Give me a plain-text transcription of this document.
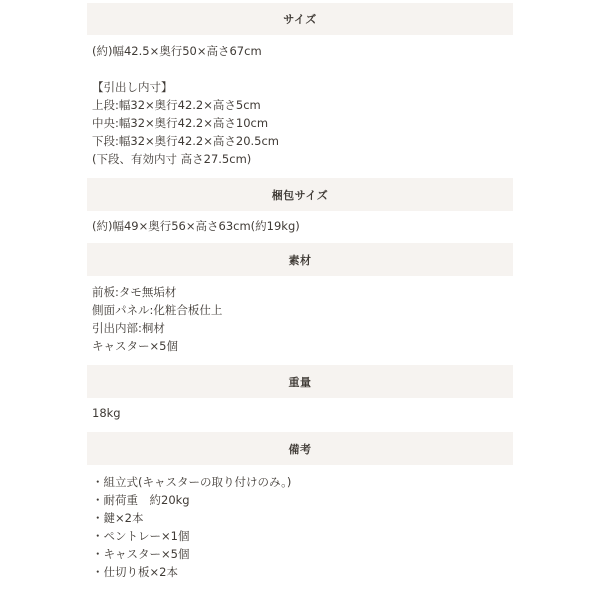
サイズ
(約)幅42.5×奥行50×高さ67cm
【引出し内寸】
上段:幅32×奥行42.2×高さ5cm
中央:幅32×奥行42.2×高さ10cm
下段:幅32×奥行42.2×高さ20.5cm
(下段、有効内寸 高さ27.5cm)
梱包サイズ
(約)幅49×奥行56×高さ63cm(約19kg)
素材
前板:タモ無垢材
側面パネル:化粧合板仕上
引出内部:桐材
キャスター×5個
重量
18kg
備考
・組立式(キャスターの取り付けのみ。)
・耐荷重　約20kg
・鍵×2本
・ペントレー×1個
・キャスター×5個
・仕切り板×2本
